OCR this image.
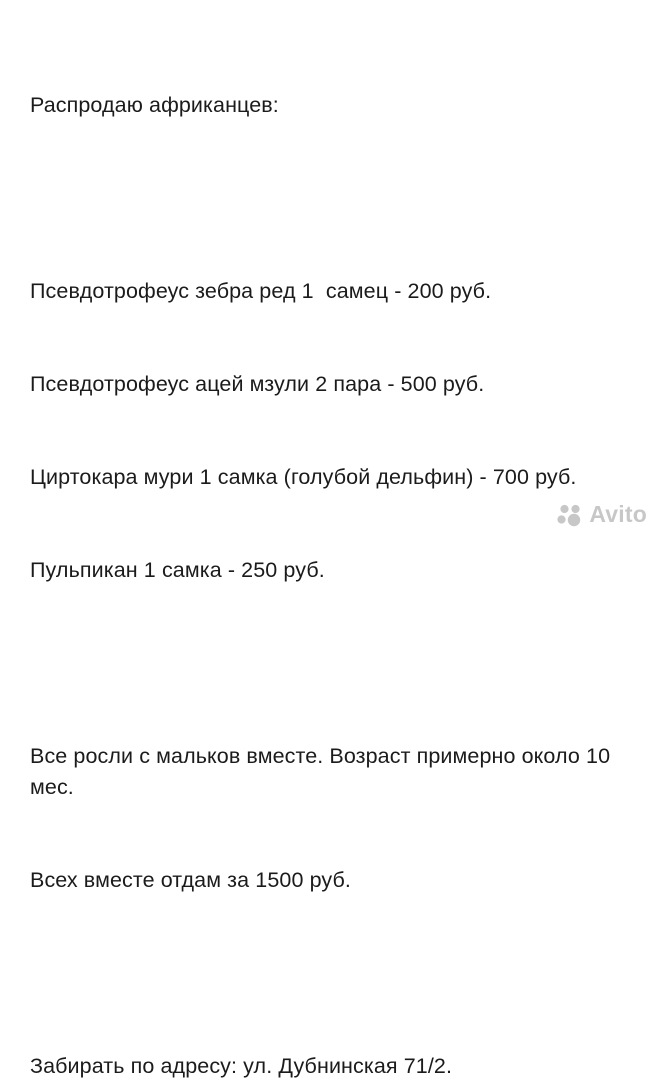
Распродаю африканцев:

Псевдотрофеус зебра ред 1  самец - 200 руб.

Псевдотрофеус ацей мзули 2 пара - 500 руб.

Циртокара мури 1 самка (голубой дельфин) - 700 руб.

Пульпикан 1 самка - 250 руб.

Все росли с мальков вместе. Возраст примерно около 10 мес.

Всех вместе отдам за 1500 руб.

Забирать по адресу: ул. Дубнинская 71/2.

Avito
